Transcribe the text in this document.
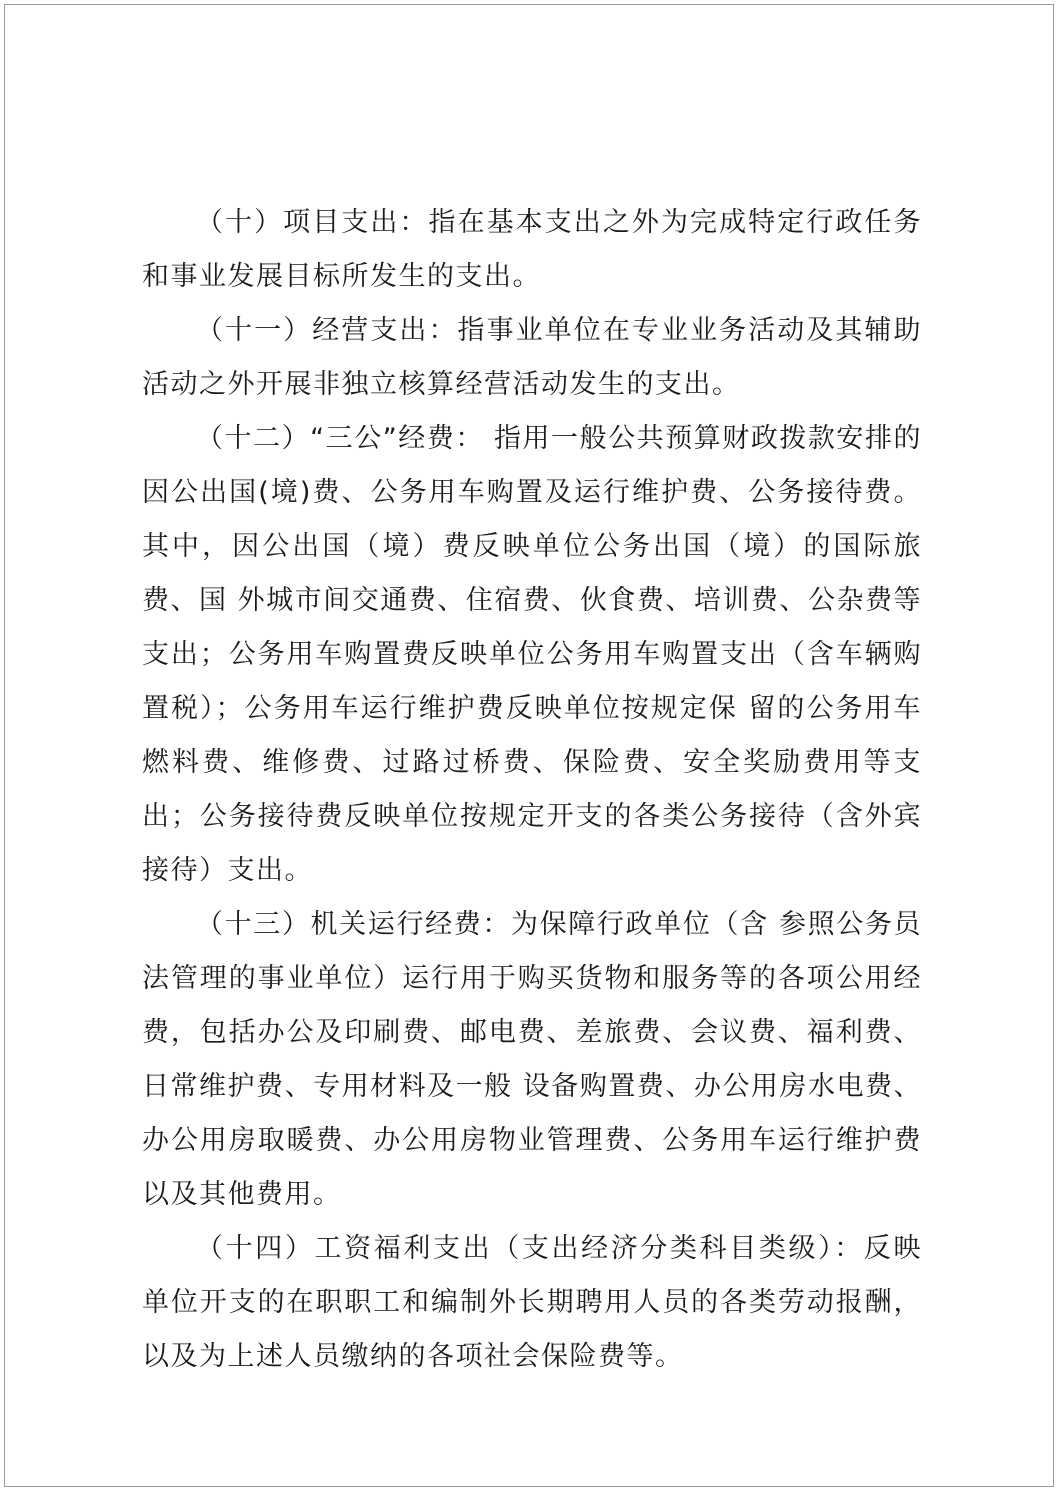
（十）项目支出：指在基本支出之外为完成特定行政任务和事业发展目标所发生的支出。

（十一）经营支出：指事业单位在专业业务活动及其辅助活动之外开展非独立核算经营活动发生的支出。

（十二）“三公”经费： 指用一般公共预算财政拨款安排的因公出国(境)费、公务用车购置及运行维护费、公务接待费。其中，因公出国（境）费反映单位公务出国（境）的国际旅费、国 外城市间交通费、住宿费、伙食费、培训费、公杂费等支出；公务用车购置费反映单位公务用车购置支出（含车辆购置税）；公务用车运行维护费反映单位按规定保 留的公务用车燃料费、维修费、过路过桥费、保险费、安全奖励费用等支出；公务接待费反映单位按规定开支的各类公务接待（含外宾接待）支出。

（十三）机关运行经费：为保障行政单位（含 参照公务员法管理的事业单位）运行用于购买货物和服务等的各项公用经费，包括办公及印刷费、邮电费、差旅费、会议费、福利费、日常维护费、专用材料及一般 设备购置费、办公用房水电费、办公用房取暖费、办公用房物业管理费、公务用车运行维护费以及其他费用。

（十四）工资福利支出（支出经济分类科目类级）：反映单位开支的在职职工和编制外长期聘用人员的各类劳动报酬，以及为上述人员缴纳的各项社会保险费等。
